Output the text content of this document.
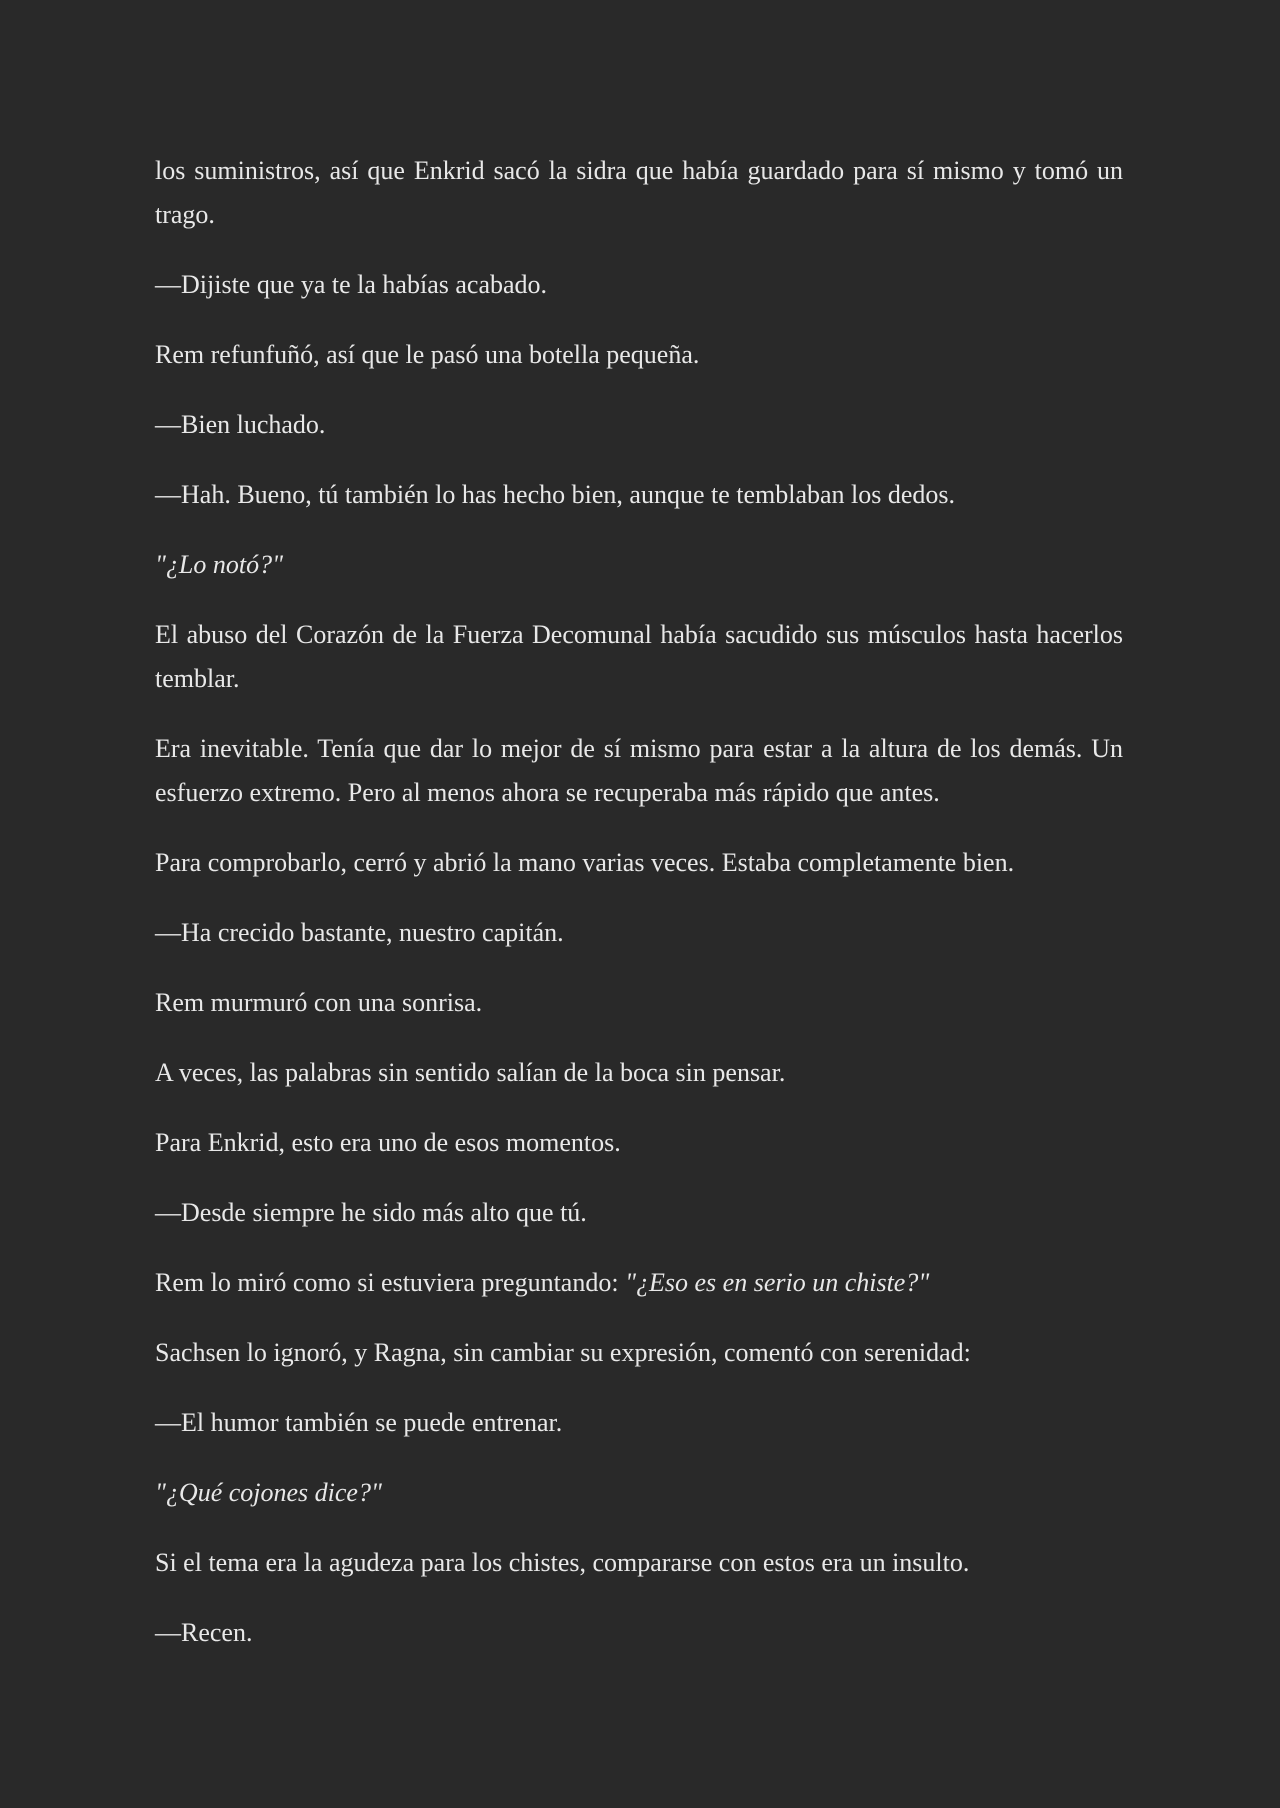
los suministros, así que Enkrid sacó la sidra que había guardado para sí mismo y tomó un trago.

—Dijiste que ya te la habías acabado.

Rem refunfuñó, así que le pasó una botella pequeña.

—Bien luchado.

—Hah. Bueno, tú también lo has hecho bien, aunque te temblaban los dedos.

"¿Lo notó?"

El abuso del Corazón de la Fuerza Decomunal había sacudido sus músculos hasta hacerlos temblar.

Era inevitable. Tenía que dar lo mejor de sí mismo para estar a la altura de los demás. Un esfuerzo extremo. Pero al menos ahora se recuperaba más rápido que antes.

Para comprobarlo, cerró y abrió la mano varias veces. Estaba completamente bien.

—Ha crecido bastante, nuestro capitán.

Rem murmuró con una sonrisa.

A veces, las palabras sin sentido salían de la boca sin pensar.

Para Enkrid, esto era uno de esos momentos.

—Desde siempre he sido más alto que tú.

Rem lo miró como si estuviera preguntando: "¿Eso es en serio un chiste?"

Sachsen lo ignoró, y Ragna, sin cambiar su expresión, comentó con serenidad:

—El humor también se puede entrenar.

"¿Qué cojones dice?"

Si el tema era la agudeza para los chistes, compararse con estos era un insulto.

—Recen.
